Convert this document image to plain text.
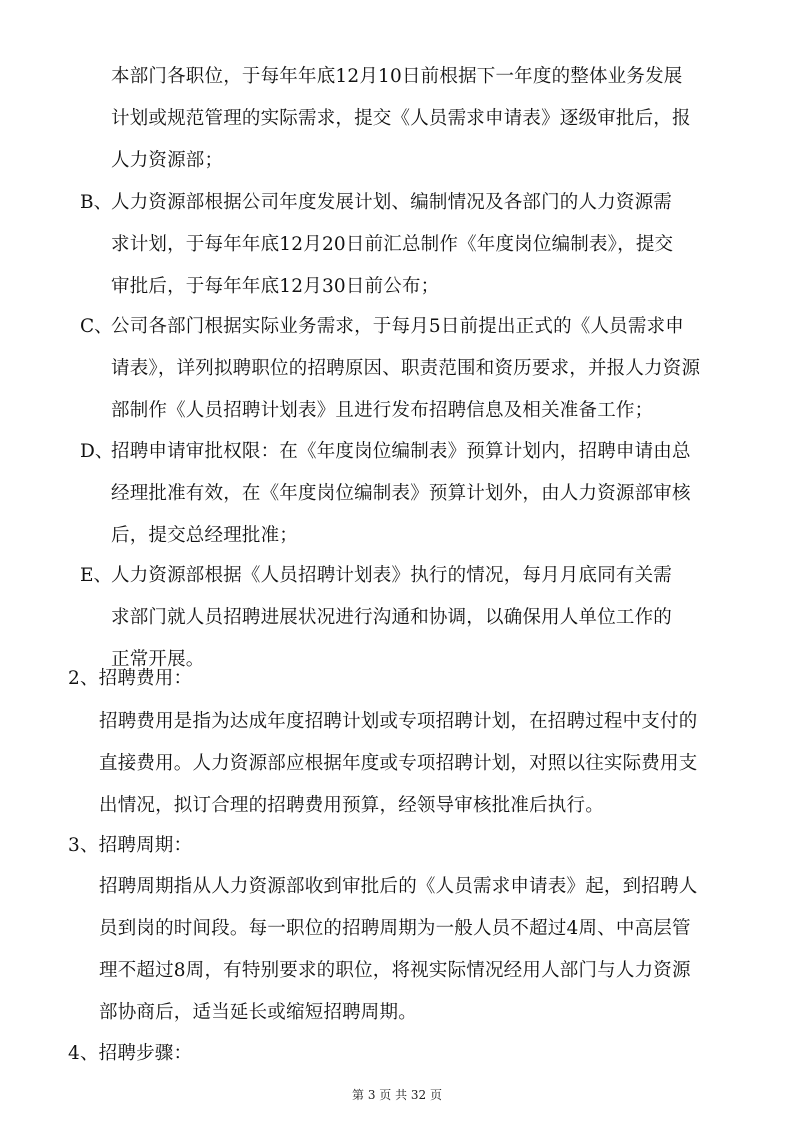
本部门各职位，于每年年底12月10日前根据下一年度的整体业务发展
计划或规范管理的实际需求，提交《人员需求申请表》逐级审批后，报
人力资源部；
B、
人力资源部根据公司年度发展计划、编制情况及各部门的人力资源需
求计划，于每年年底12月20日前汇总制作《年度岗位编制表》，提交
审批后，于每年年底12月30日前公布；
C、
公司各部门根据实际业务需求，于每月5日前提出正式的《人员需求申
请表》，详列拟聘职位的招聘原因、职责范围和资历要求，并报人力资源
部制作《人员招聘计划表》且进行发布招聘信息及相关准备工作；
D、
招聘申请审批权限：在《年度岗位编制表》预算计划内，招聘申请由总
经理批准有效，在《年度岗位编制表》预算计划外，由人力资源部审核
后，提交总经理批准；
E、
人力资源部根据《人员招聘计划表》执行的情况，每月月底同有关需
求部门就人员招聘进展状况进行沟通和协调，以确保用人单位工作的
正常开展。
2、招聘费用：
招聘费用是指为达成年度招聘计划或专项招聘计划，在招聘过程中支付的
直接费用。人力资源部应根据年度或专项招聘计划，对照以往实际费用支
出情况，拟订合理的招聘费用预算，经领导审核批准后执行。
3、招聘周期：
招聘周期指从人力资源部收到审批后的《人员需求申请表》起，到招聘人
员到岗的时间段。每一职位的招聘周期为一般人员不超过4周、中高层管
理不超过8周，有特别要求的职位，将视实际情况经用人部门与人力资源
部协商后，适当延长或缩短招聘周期。
4、招聘步骤：
第 3 页 共 32 页
